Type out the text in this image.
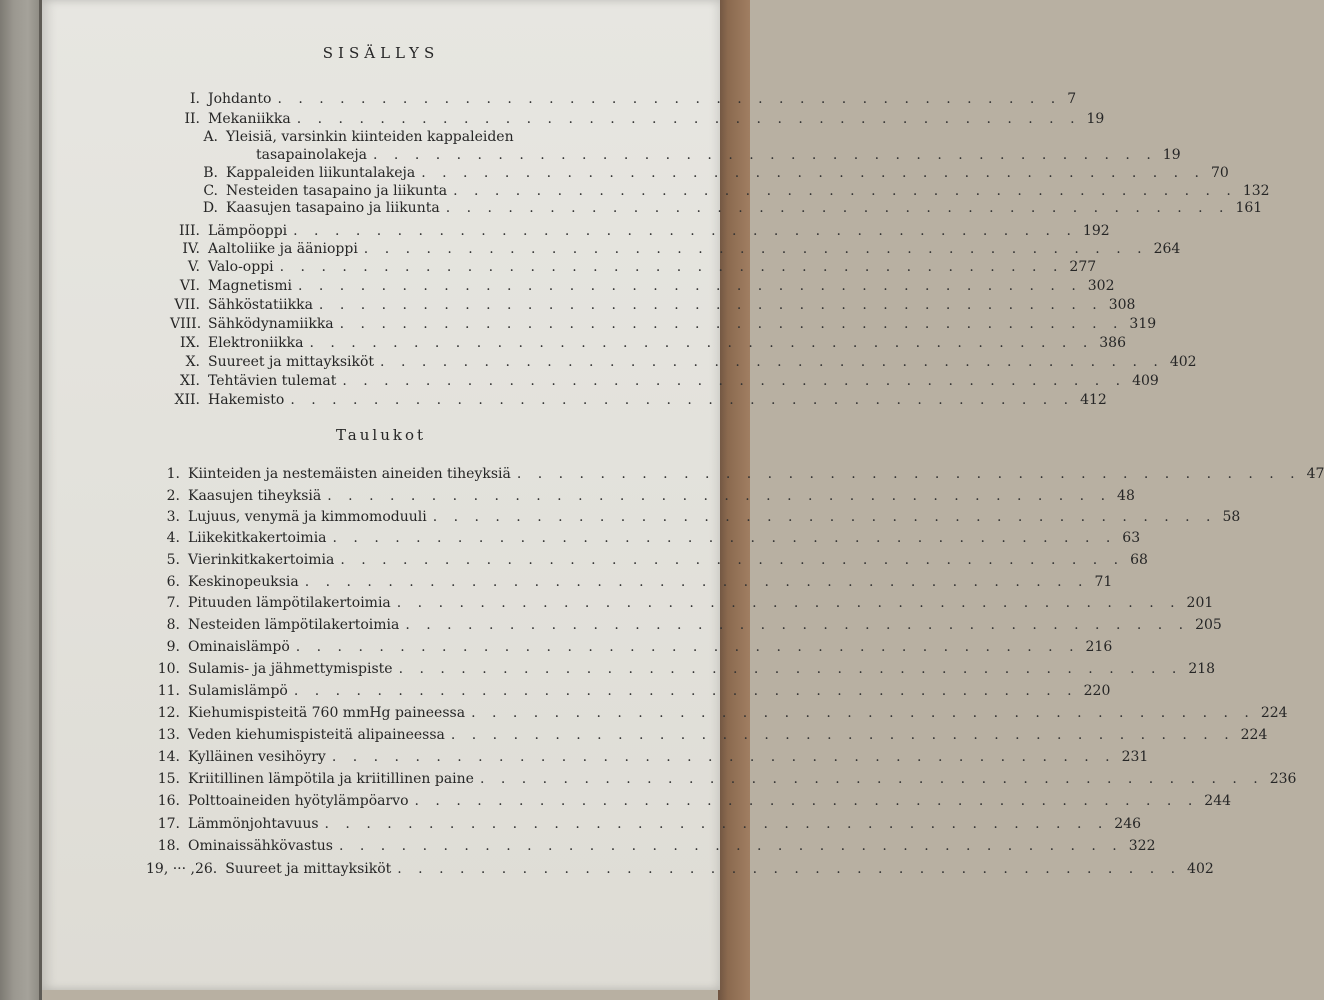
SISÄLLYS
I. Johdanto . . . . . . . . . . . . . . . . . . . . . . . . . . . . . . . . . . . . . . 7
II. Mekaniikka . . . . . . . . . . . . . . . . . . . . . . . . . . . . . . . . . . . . . . 19
A. Yleisiä, varsinkin kiinteiden kappaleiden
tasapainolakeja . . . . . . . . . . . . . . . . . . . . . . . . . . . . . . . . . . . . . . 19
B. Kappaleiden liikuntalakeja . . . . . . . . . . . . . . . . . . . . . . . . . . . . . . . . . . . . . . 70
C. Nesteiden tasapaino ja liikunta . . . . . . . . . . . . . . . . . . . . . . . . . . . . . . . . . . . . . . 132
D. Kaasujen tasapaino ja liikunta . . . . . . . . . . . . . . . . . . . . . . . . . . . . . . . . . . . . . . 161
III. Lämpöoppi . . . . . . . . . . . . . . . . . . . . . . . . . . . . . . . . . . . . . . 192
IV. Aaltoliike ja äänioppi . . . . . . . . . . . . . . . . . . . . . . . . . . . . . . . . . . . . . . 264
V. Valo-oppi . . . . . . . . . . . . . . . . . . . . . . . . . . . . . . . . . . . . . . 277
VI. Magnetismi . . . . . . . . . . . . . . . . . . . . . . . . . . . . . . . . . . . . . . 302
VII. Sähköstatiikka . . . . . . . . . . . . . . . . . . . . . . . . . . . . . . . . . . . . . . 308
VIII. Sähködynamiikka . . . . . . . . . . . . . . . . . . . . . . . . . . . . . . . . . . . . . . 319
IX. Elektroniikka . . . . . . . . . . . . . . . . . . . . . . . . . . . . . . . . . . . . . . 386
X. Suureet ja mittayksiköt . . . . . . . . . . . . . . . . . . . . . . . . . . . . . . . . . . . . . . 402
XI. Tehtävien tulemat . . . . . . . . . . . . . . . . . . . . . . . . . . . . . . . . . . . . . . 409
XII. Hakemisto . . . . . . . . . . . . . . . . . . . . . . . . . . . . . . . . . . . . . . 412
Taulukot
1. Kiinteiden ja nestemäisten aineiden tiheyksiä . . . . . . . . . . . . . . . . . . . . . . . . . . . . . . . . . . . . . . 47
2. Kaasujen tiheyksiä . . . . . . . . . . . . . . . . . . . . . . . . . . . . . . . . . . . . . . 48
3. Lujuus, venymä ja kimmomoduuli . . . . . . . . . . . . . . . . . . . . . . . . . . . . . . . . . . . . . . 58
4. Liikekitkakertoimia . . . . . . . . . . . . . . . . . . . . . . . . . . . . . . . . . . . . . . 63
5. Vierinkitkakertoimia . . . . . . . . . . . . . . . . . . . . . . . . . . . . . . . . . . . . . . 68
6. Keskinopeuksia . . . . . . . . . . . . . . . . . . . . . . . . . . . . . . . . . . . . . . 71
7. Pituuden lämpötilakertoimia . . . . . . . . . . . . . . . . . . . . . . . . . . . . . . . . . . . . . . 201
8. Nesteiden lämpötilakertoimia . . . . . . . . . . . . . . . . . . . . . . . . . . . . . . . . . . . . . . 205
9. Ominaislämpö . . . . . . . . . . . . . . . . . . . . . . . . . . . . . . . . . . . . . . 216
10. Sulamis- ja jähmettymispiste . . . . . . . . . . . . . . . . . . . . . . . . . . . . . . . . . . . . . . 218
11. Sulamislämpö . . . . . . . . . . . . . . . . . . . . . . . . . . . . . . . . . . . . . . 220
12. Kiehumispisteitä 760 mmHg paineessa . . . . . . . . . . . . . . . . . . . . . . . . . . . . . . . . . . . . . . 224
13. Veden kiehumispisteitä alipaineessa . . . . . . . . . . . . . . . . . . . . . . . . . . . . . . . . . . . . . . 224
14. Kylläinen vesihöyry . . . . . . . . . . . . . . . . . . . . . . . . . . . . . . . . . . . . . . 231
15. Kriitillinen lämpötila ja kriitillinen paine . . . . . . . . . . . . . . . . . . . . . . . . . . . . . . . . . . . . . . 236
16. Polttoaineiden hyötylämpöarvo . . . . . . . . . . . . . . . . . . . . . . . . . . . . . . . . . . . . . . 244
17. Lämmönjohtavuus . . . . . . . . . . . . . . . . . . . . . . . . . . . . . . . . . . . . . . 246
18. Ominaissähkövastus . . . . . . . . . . . . . . . . . . . . . . . . . . . . . . . . . . . . . . 322
19, ··· ,26. Suureet ja mittayksiköt . . . . . . . . . . . . . . . . . . . . . . . . . . . . . . . . . . . . . . 402
